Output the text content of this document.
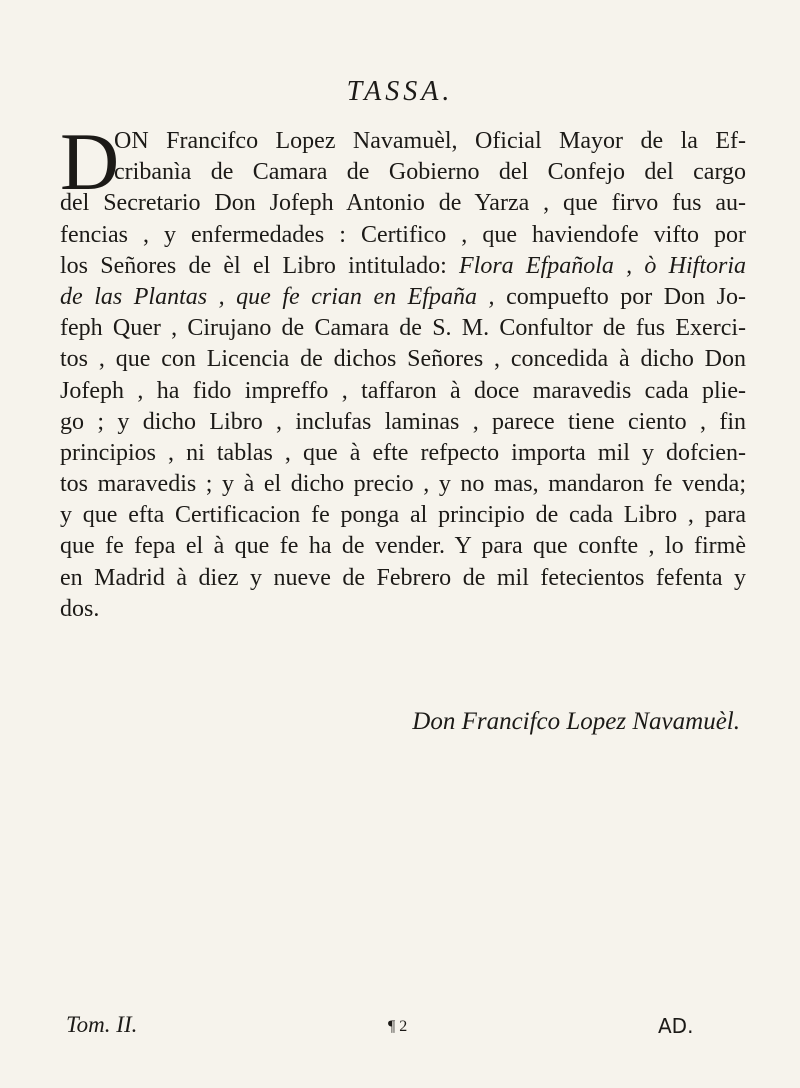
TASSA.
D
ON Francifco Lopez Navamuèl, Oficial Mayor de la Ef-
cribanìa de Camara de Gobierno del Confejo del cargo
del Secretario Don Jofeph Antonio de Yarza , que firvo fus au-
fencias , y enfermedades : Certifico , que haviendofe vifto por
los Señores de èl el Libro intitulado: Flora Efpañola , ò Hiftoria
de las Plantas , que fe crian en Efpaña , compuefto por Don Jo-
feph Quer , Cirujano de Camara de S. M. Confultor de fus Exerci-
tos , que con Licencia de dichos Señores , concedida à dicho Don
Jofeph , ha fido impreffo , taffaron à doce maravedis cada plie-
go ; y dicho Libro , inclufas laminas , parece tiene ciento , fin
principios , ni tablas , que à efte refpecto importa mil y dofcien-
tos maravedis ; y à el dicho precio , y no mas, mandaron fe venda;
y que efta Certificacion fe ponga al principio de cada Libro , para
que fe fepa el à que fe ha de vender. Y para que confte , lo firmè
en Madrid à diez y nueve de Febrero de mil fetecientos fefenta y
dos.
Don Francifco Lopez Navamuèl.
Tom. II.	¶ 2	AD.
